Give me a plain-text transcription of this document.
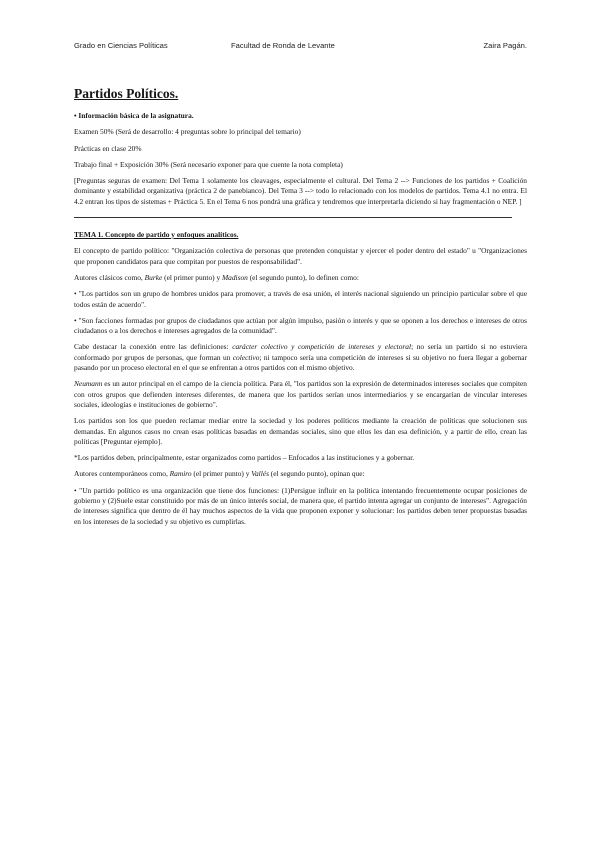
Grado en Ciencias Políticas	Facultad de Ronda de Levante	Zaira Pagán.
Partidos Políticos.

• Información básica de la asignatura.

Examen 50% (Será de desarrollo: 4 preguntas sobre lo principal del temario)

Prácticas en clase 20%

Trabajo final + Exposición 30% (Será necesario exponer para que cuente la nota completa)

[Preguntas seguras de examen: Del Tema 1 solamente los cleavages, especialmente el cultural. Del Tema 2 --> Funciones de los partidos + Coalición dominante y estabilidad organizativa (práctica 2 de panebianco). Del Tema 3 --> todo lo relacionado con los modelos de partidos. Tema 4.1 no entra. El 4.2 entran los tipos de sistemas + Práctica 5. En el Tema 6 nos pondrá una gráfica y tendremos que interpretarla diciendo si hay fragmentación o NEP. ]

TEMA 1. Concepto de partido y enfoques analíticos.

El concepto de partido político: "Organización colectiva de personas que pretenden conquistar y ejercer el poder dentro del estado" u "Organizaciones que proponen candidatos para que compitan por puestos de responsabilidad".

Autores clásicos como, Burke (el primer punto) y Madison (el segundo punto), lo definen como:

• "Los partidos son un grupo de hombres unidos para promover, a través de esa unión, el interés nacional siguiendo un principio particular sobre el que todos están de acuerdo".

• "Son facciones formadas por grupos de ciudadanos que actúan por algún impulso, pasión o interés y que se oponen a los derechos e intereses de otros ciudadanos o a los derechos e intereses agregados de la comunidad".

Cabe destacar la conexión entre las definiciones: carácter colectivo y competición de intereses y electoral; no sería un partido si no estuviera conformado por grupos de personas, que forman un colectivo; ni tampoco sería una competición de intereses si su objetivo no fuera llegar a gobernar pasando por un proceso electoral en el que se enfrentan a otros partidos con el mismo objetivo.

Neumann es un autor principal en el campo de la ciencia política. Para él, "los partidos son la expresión de determinados intereses sociales que compiten con otros grupos que defienden intereses diferentes, de manera que los partidos serían unos intermediarios y se encargarían de vincular intereses sociales, ideologías e instituciones de gobierno".

Los partidos son los que pueden reclamar mediar entre la sociedad y los poderes políticos mediante la creación de políticas que solucionen sus demandas. En algunos casos no crean esas políticas basadas en demandas sociales, sino que ellos les dan esa definición, y a partir de ello, crean las políticas [Preguntar ejemplo].

*Los partidos deben, principalmente, estar organizados como partidos – Enfocados a las instituciones y a gobernar.

Autores contemporáneos como, Ramiro (el primer punto) y Vallés (el segundo punto), opinan que:

• "Un partido político es una organización que tiene dos funciones: (1)Persigue influir en la política intentando frecuentemente ocupar posiciones de gobierno y (2)Suele estar constituido por más de un único interés social, de manera que, el partido intenta agregar un conjunto de intereses". Agregación de intereses significa que dentro de él hay muchos aspectos de la vida que proponen exponer y solucionar: los partidos deben tener propuestas basadas en los intereses de la sociedad y su objetivo es cumplirlas.
